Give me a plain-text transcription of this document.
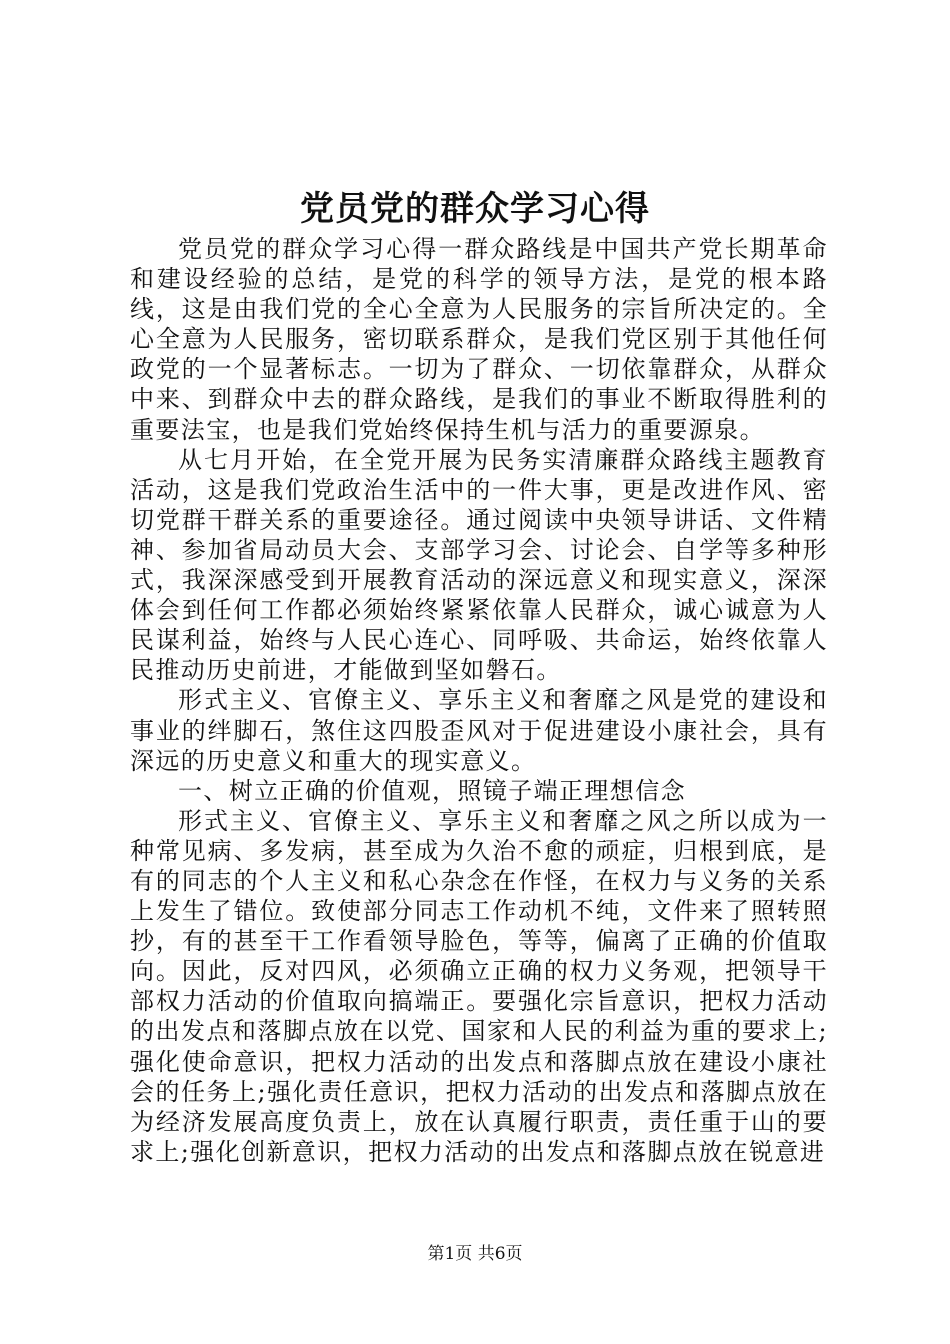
党员党的群众学习心得

党员党的群众学习心得一群众路线是中国共产党长期革命和建设经验的总结，是党的科学的领导方法，是党的根本路线，这是由我们党的全心全意为人民服务的宗旨所决定的。全心全意为人民服务，密切联系群众，是我们党区别于其他任何政党的一个显著标志。一切为了群众、一切依靠群众，从群众中来、到群众中去的群众路线，是我们的事业不断取得胜利的重要法宝，也是我们党始终保持生机与活力的重要源泉。

从七月开始，在全党开展为民务实清廉群众路线主题教育活动，这是我们党政治生活中的一件大事，更是改进作风、密切党群干群关系的重要途径。通过阅读中央领导讲话、文件精神、参加省局动员大会、支部学习会、讨论会、自学等多种形式，我深深感受到开展教育活动的深远意义和现实意义，深深体会到任何工作都必须始终紧紧依靠人民群众，诚心诚意为人民谋利益，始终与人民心连心、同呼吸、共命运，始终依靠人民推动历史前进，才能做到坚如磐石。

形式主义、官僚主义、享乐主义和奢靡之风是党的建设和事业的绊脚石，煞住这四股歪风对于促进建设小康社会，具有深远的历史意义和重大的现实意义。

一、树立正确的价值观，照镜子端正理想信念

形式主义、官僚主义、享乐主义和奢靡之风之所以成为一种常见病、多发病，甚至成为久治不愈的顽症，归根到底，是有的同志的个人主义和私心杂念在作怪，在权力与义务的关系上发生了错位。致使部分同志工作动机不纯，文件来了照转照抄，有的甚至干工作看领导脸色，等等，偏离了正确的价值取向。因此，反对四风，必须确立正确的权力义务观，把领导干部权力活动的价值取向搞端正。要强化宗旨意识，把权力活动的出发点和落脚点放在以党、国家和人民的利益为重的要求上;强化使命意识，把权力活动的出发点和落脚点放在建设小康社会的任务上;强化责任意识，把权力活动的出发点和落脚点放在为经济发展高度负责上，放在认真履行职责，责任重于山的要求上;强化创新意识，把权力活动的出发点和落脚点放在锐意进

第1页 共6页
